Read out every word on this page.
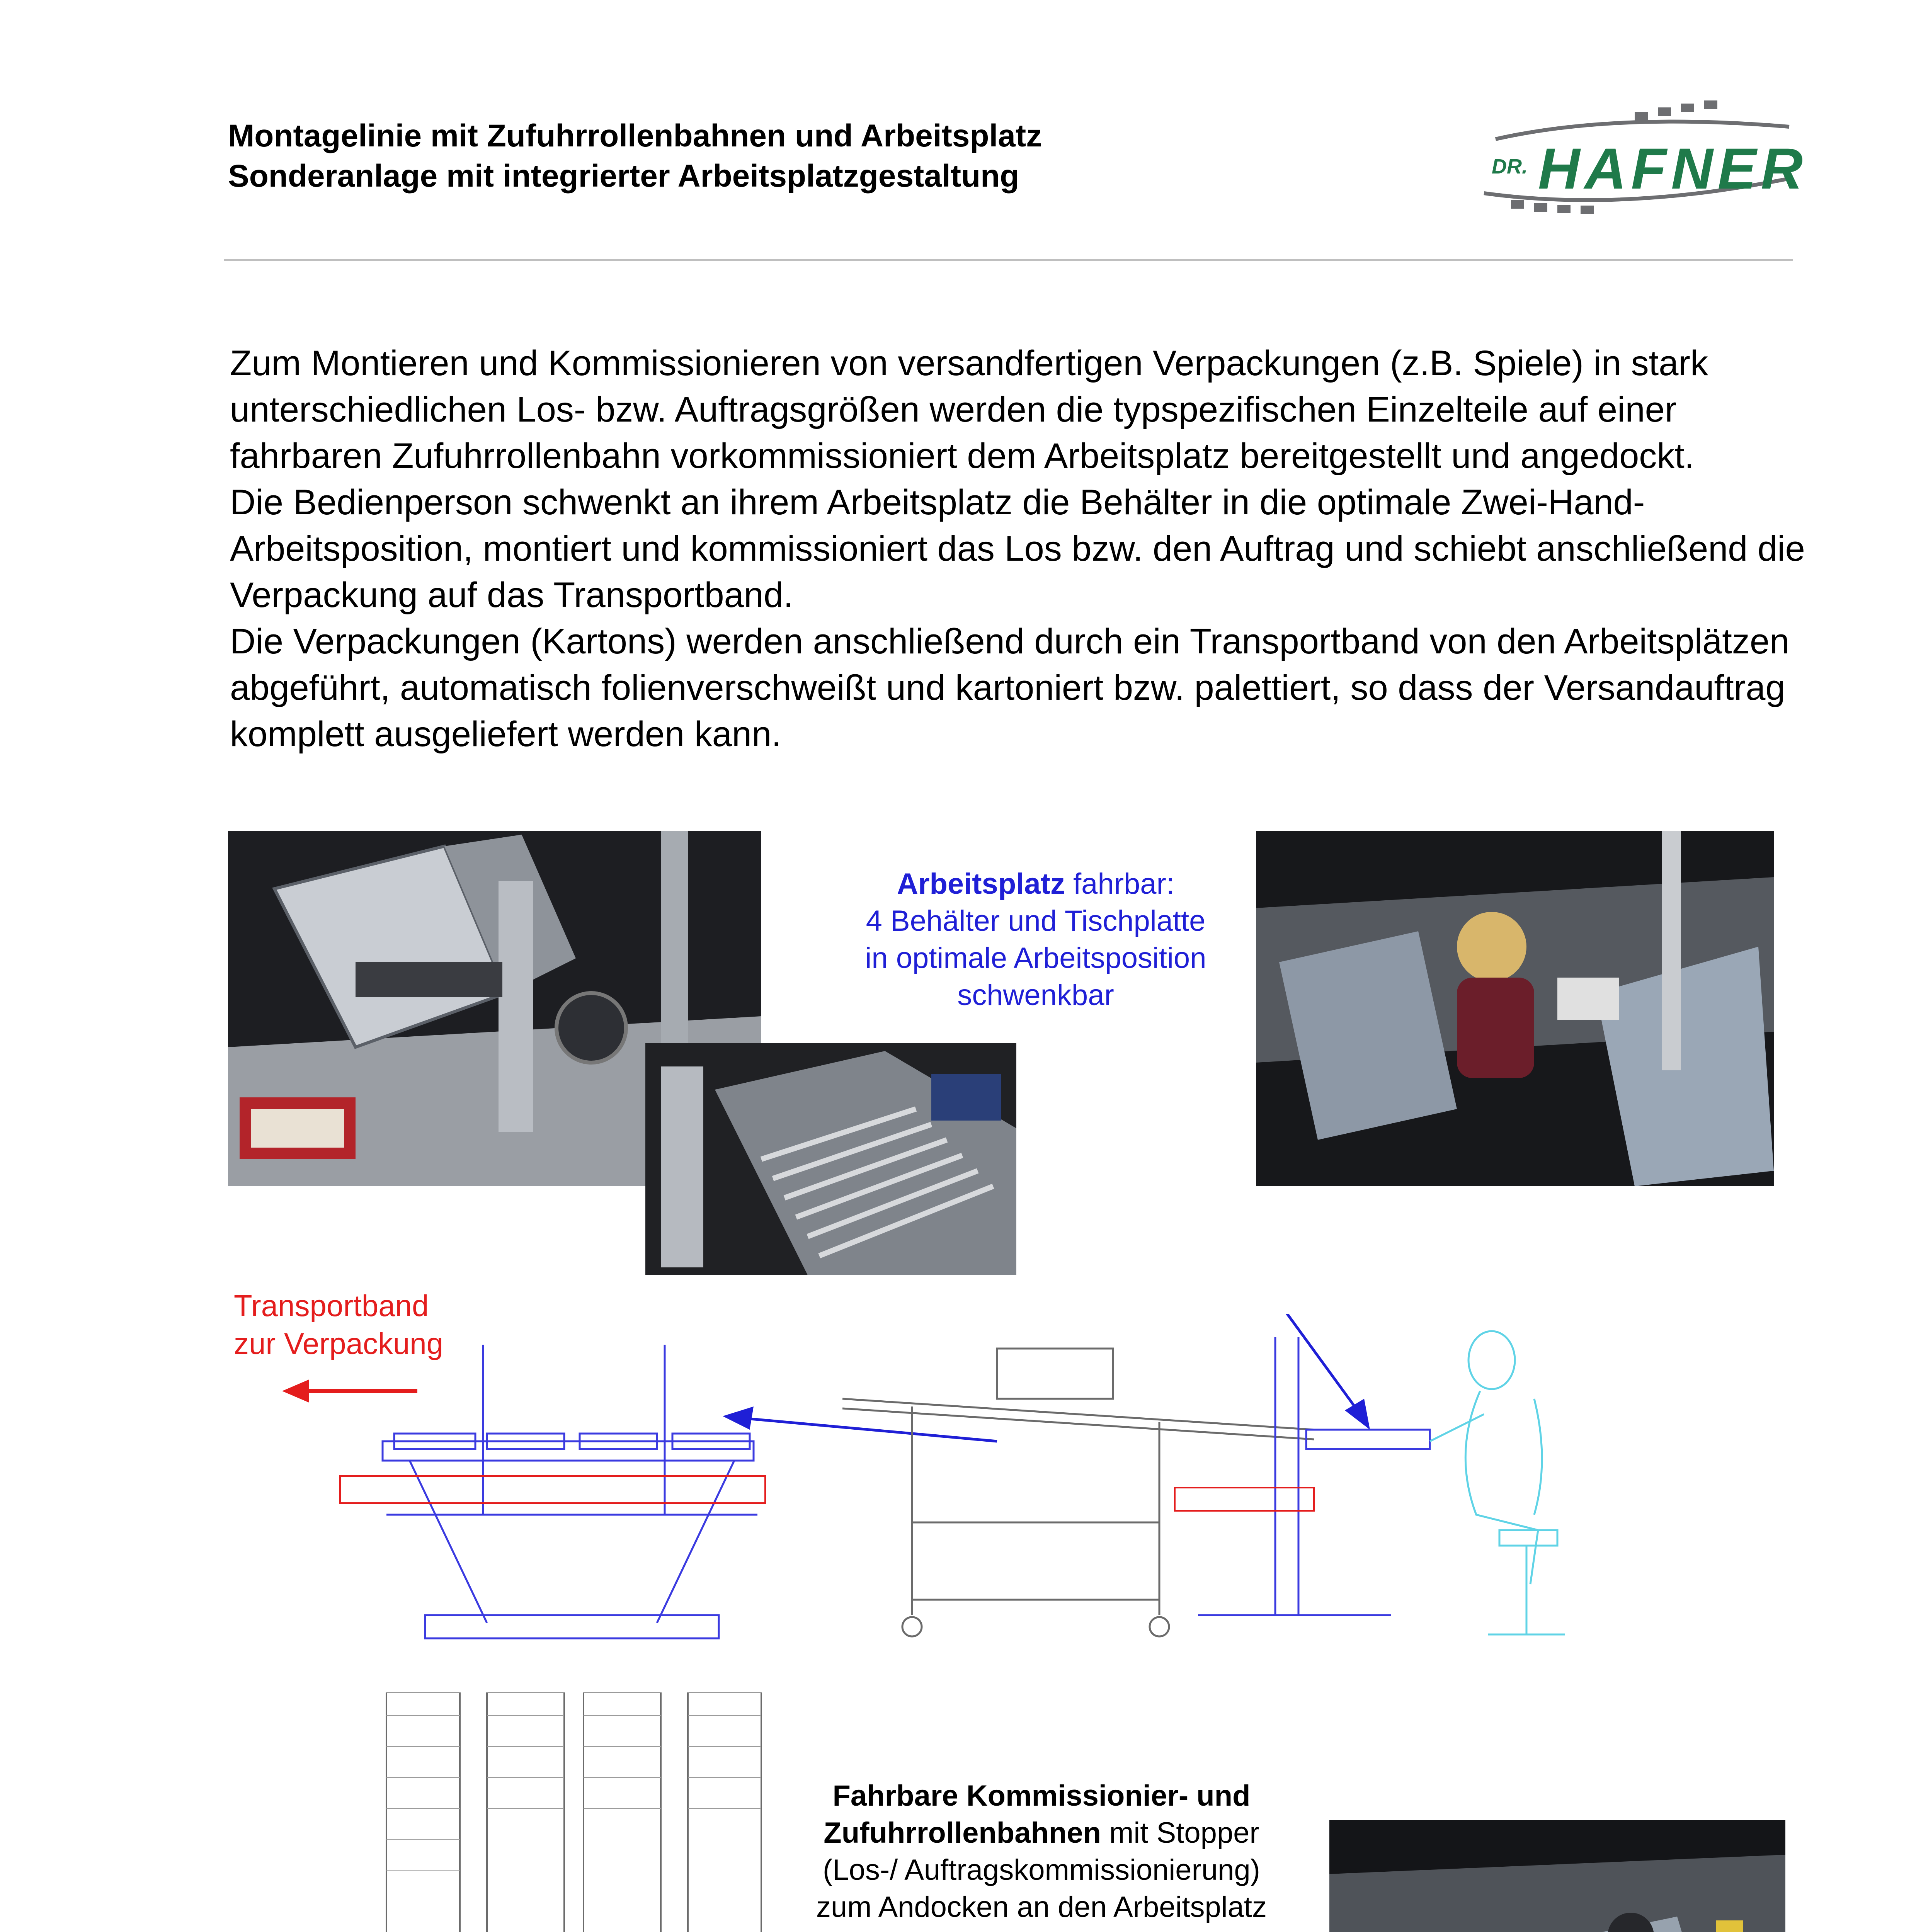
Montagelinie mit Zufuhrrollenbahnen und Arbeitsplatz
Sonderanlage mit integrierter Arbeitsplatzgestaltung	DR. HAFNER

Zum Montieren und Kommissionieren von versandfertigen Verpackungen (z.B. Spiele) in stark unterschiedlichen Los- bzw. Auftragsgrößen werden die typspezifischen Einzelteile auf einer fahrbaren Zufuhrrollenbahn vorkommissioniert dem Arbeitsplatz bereitgestellt und angedockt.

Die Bedienperson schwenkt an ihrem Arbeitsplatz die Behälter in die optimale Zwei-Hand-Arbeitsposition, montiert und kommissioniert das Los bzw. den Auftrag und schiebt anschließend die Verpackung auf das Transportband.

Die Verpackungen (Kartons) werden anschließend durch ein Transportband von den Arbeitsplätzen abgeführt, automatisch folienverschweißt und kartoniert bzw. palettiert, so dass der Versandauftrag komplett ausgeliefert werden kann.

Arbeitsplatz fahrbar:
4 Behälter und Tischplatte
in optimale Arbeitsposition
schwenkbar
Transportband
zur Verpackung
Fahrbare Kommissionier- und
Zufuhrrollenbahnen mit Stopper
(Los-/ Auftragskommissionierung)
zum Andocken an den Arbeitsplatz
